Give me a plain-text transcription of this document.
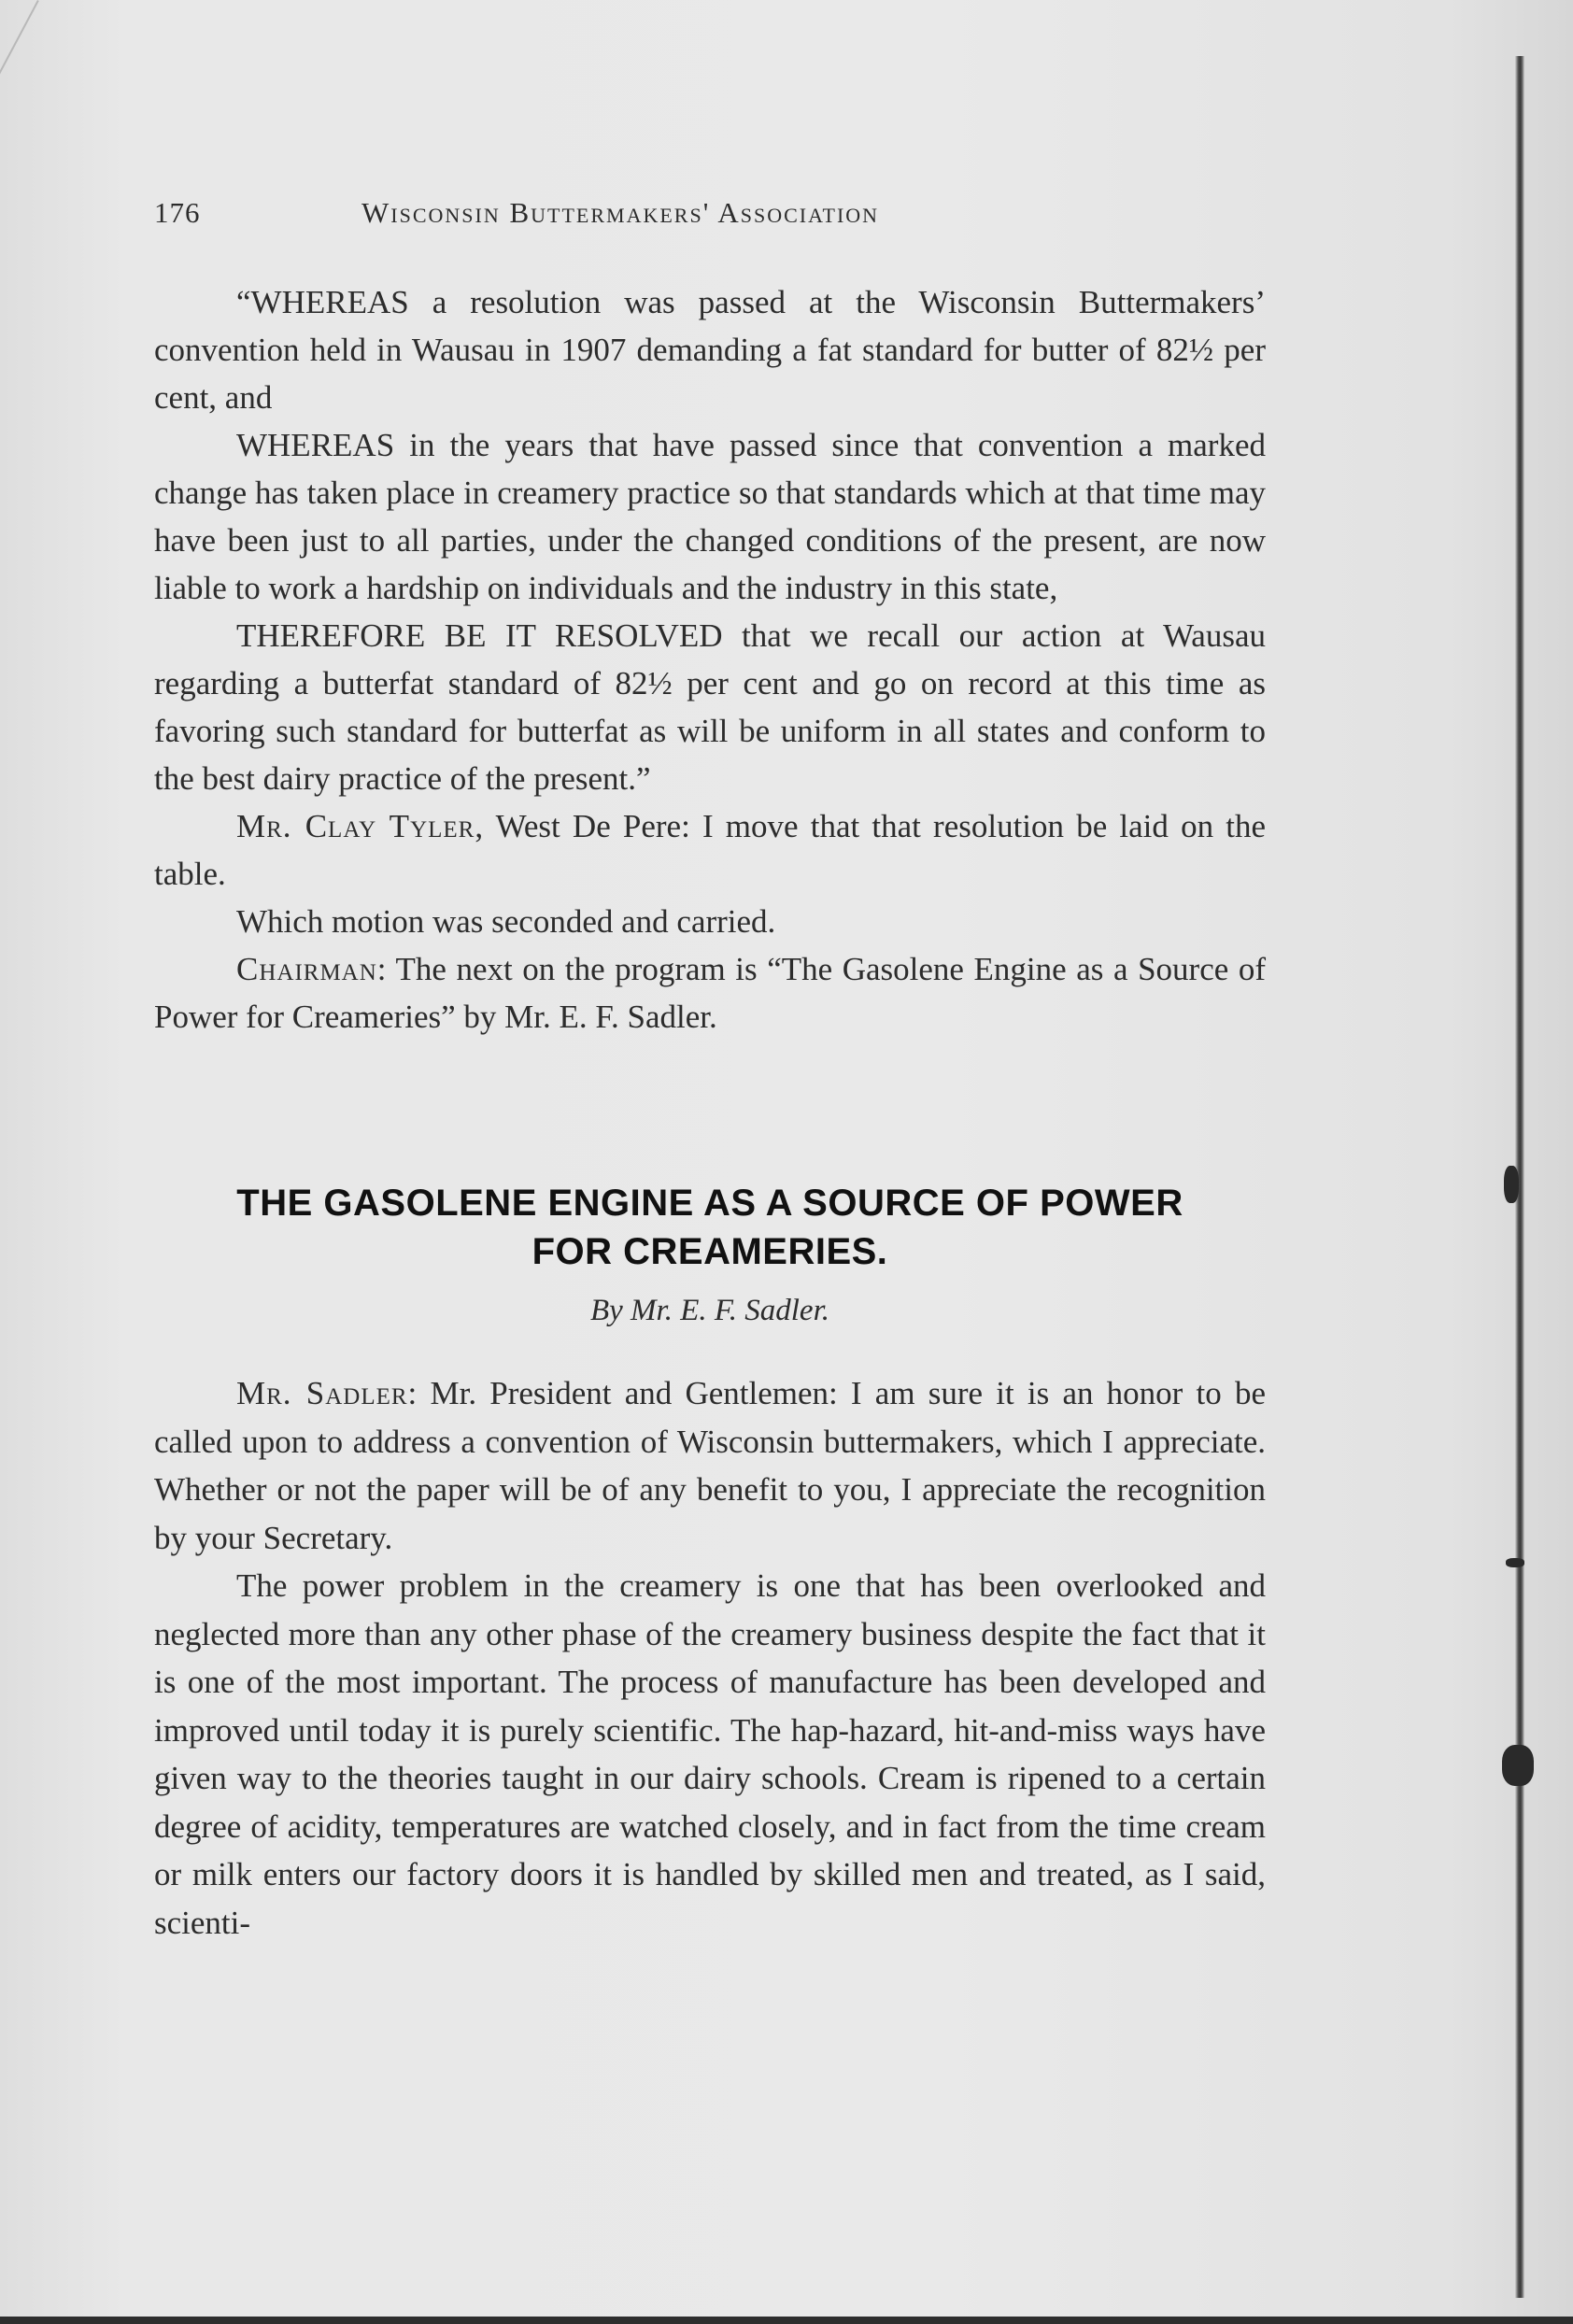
176	Wisconsin Buttermakers' Association

“WHEREAS a resolution was passed at the Wisconsin Buttermakers’ convention held in Wausau in 1907 demanding a fat standard for butter of 82½ per cent, and

WHEREAS in the years that have passed since that convention a marked change has taken place in creamery practice so that standards which at that time may have been just to all parties, under the changed conditions of the present, are now liable to work a hardship on individuals and the industry in this state,

THEREFORE BE IT RESOLVED that we recall our action at Wausau regarding a butterfat standard of 82½ per cent and go on record at this time as favoring such standard for butterfat as will be uniform in all states and conform to the best dairy practice of the present.”

Mr. Clay Tyler, West De Pere: I move that that resolution be laid on the table.

Which motion was seconded and carried.

Chairman: The next on the program is “The Gasolene Engine as a Source of Power for Creameries” by Mr. E. F. Sadler.

THE GASOLENE ENGINE AS A SOURCE OF POWER
FOR CREAMERIES.
By Mr. E. F. Sadler.

Mr. Sadler: Mr. President and Gentlemen: I am sure it is an honor to be called upon to address a convention of Wisconsin buttermakers, which I appreciate. Whether or not the paper will be of any benefit to you, I appreciate the recognition by your Secretary.

The power problem in the creamery is one that has been overlooked and neglected more than any other phase of the creamery business despite the fact that it is one of the most important. The process of manufacture has been developed and improved until today it is purely scientific. The hap-hazard, hit-and-miss ways have given way to the theories taught in our dairy schools. Cream is ripened to a certain degree of acidity, temperatures are watched closely, and in fact from the time cream or milk enters our factory doors it is handled by skilled men and treated, as I said, scienti-
